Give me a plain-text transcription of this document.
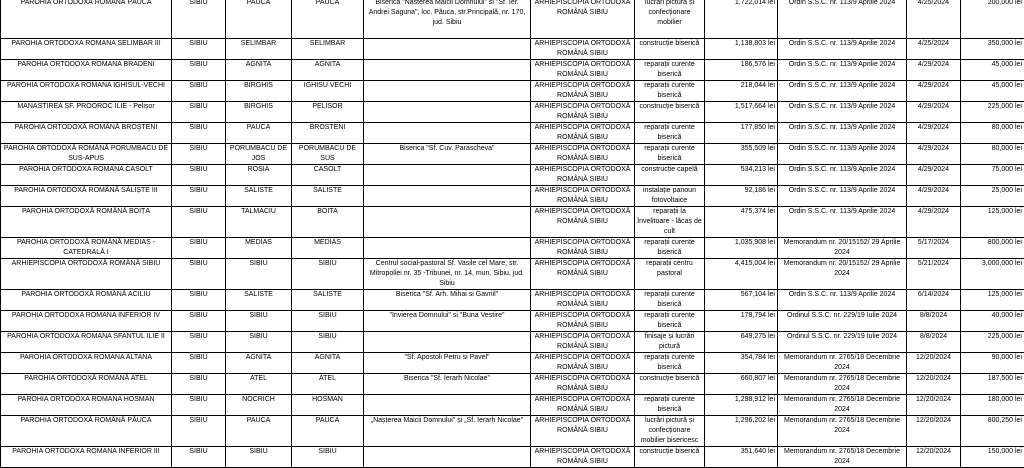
PAROHIA ORTODOXĂ ROMÂNĂ PĂUCA	SIBIU	PAUCA	PAUCA	Biserica "Nasterea Maicii Domnului" si "Sf. Ier. Andrei Saguna", loc. Păuca, str.Principală, nr. 170, jud. Sibiu	ARHIEPISCOPIA ORTODOXĂ ROMÂNĂ SIBIU	lucrări pictură și confecționare mobilier	1,722,014 lei	Ordin S.S.C. nr. 113/9 Aprilie 2024	4/25/2024	200,000 lei

PAROHIA ORTODOXA ROMANA SELIMBAR III	SIBIU	SELIMBAR	SELIMBAR		ARHIEPISCOPIA ORTODOXĂ ROMÂNĂ SIBIU	construcție biserică	1,138,803 lei	Ordin S.S.C. nr. 113/9 Aprilie 2024	4/25/2024	350,000 lei

PAROHIA ORTODOXA ROMANA BRADENI	SIBIU	AGNITA	AGNITA		ARHIEPISCOPIA ORTODOXĂ ROMÂNĂ SIBIU	reparații curente biserică	186,576 lei	Ordin S.S.C. nr. 113/9 Aprilie 2024	4/29/2024	45,000 lei

PAROHIA ORTODOXA ROMANA IGHISUL-VECHI	SIBIU	BIRGHIS	IGHISU VECHI		ARHIEPISCOPIA ORTODOXĂ ROMÂNĂ SIBIU	reparații curente biserică	218,044 lei	Ordin S.S.C. nr. 113/9 Aprilie 2024	4/29/2024	45,000 lei

MANASTIREA SF. PROOROC ILIE - Pelișor	SIBIU	BIRGHIS	PELISOR		ARHIEPISCOPIA ORTODOXĂ ROMÂNĂ SIBIU	construcție biserică	1,517,664 lei	Ordin S.S.C. nr. 113/9 Aprilie 2024	4/29/2024	225,000 lei

PAROHIA ORTODOXĂ ROMÂNĂ BROȘTENI	SIBIU	PAUCA	BROSTENI		ARHIEPISCOPIA ORTODOXĂ ROMÂNĂ SIBIU	reparații curente biserică	177,850 lei	Ordin S.S.C. nr. 113/9 Aprilie 2024	4/29/2024	80,000 lei

PAROHIA ORTODOXĂ ROMÂNĂ PORUMBACU DE SUS-APUS	SIBIU	PORUMBACU DE JOS	PORUMBACU DE SUS	Biserica "Sf. Cuv. Parascheva"	ARHIEPISCOPIA ORTODOXĂ ROMÂNĂ SIBIU	reparații curente biserică	355,509 lei	Ordin S.S.C. nr. 113/9 Aprilie 2024	4/29/2024	80,000 lei

PAROHIA ORTODOXA ROMANA CASOLT	SIBIU	ROSIA	CASOLT		ARHIEPISCOPIA ORTODOXĂ ROMÂNĂ SIBIU	construcție capelă	534,213 lei	Ordin S.S.C. nr. 113/9 Aprilie 2024	4/29/2024	75,000 lei

PAROHIA ORTODOXĂ ROMÂNĂ SĂLIȘTE III	SIBIU	SALISTE	SALISTE		ARHIEPISCOPIA ORTODOXĂ ROMÂNĂ SIBIU	instalație panouri fotovoltaice	92,186 lei	Ordin S.S.C. nr. 113/9 Aprilie 2024	4/29/2024	25,000 lei

PAROHIA ORTODOXĂ ROMÂNĂ BOIȚA	SIBIU	TALMACIU	BOITA		ARHIEPISCOPIA ORTODOXĂ ROMÂNĂ SIBIU	reparații la învelitoare - lăcaș de cult	475,374 lei	Ordin S.S.C. nr. 113/9 Aprilie 2024	4/29/2024	125,000 lei

PAROHIA ORTODOXĂ ROMÂNĂ MEDIAS - CATEDRALĂ I	SIBIU	MEDIAS	MEDIAS		ARHIEPISCOPIA ORTODOXĂ ROMÂNĂ SIBIU	reparații curente biserică	1,035,908 lei	Memorandum nr. 20/15152/ 29 Aprilie 2024	5/17/2024	800,000 lei

ARHIEPISCOPIA ORTODOXĂ ROMÂNĂ SIBIU	SIBIU	SIBIU	SIBIU	Centrul social-pastoral Sf. Vasile cel Mare, str. Mitropoliei nr. 35 -Tribunei, nr. 14, mun. Sibiu, jud. Sibiu	ARHIEPISCOPIA ORTODOXĂ ROMÂNĂ SIBIU	reparații centru pastoral	4,415,004 lei	Memorandum nr. 20/15152/ 29 Aprilie 2024	5/21/2024	3,000,000 lei

PAROHIA ORTODOXĂ ROMÂNĂ ACILIU	SIBIU	SALISTE	SALISTE	Biserica "Sf. Arh. Mihai si Gavriil"	ARHIEPISCOPIA ORTODOXĂ ROMÂNĂ SIBIU	reparații curente biserică	567,104 lei	Ordin S.S.C. nr. 113/9 Aprilie 2024	6/14/2024	125,000 lei

PAROHIA ORTODOXA ROMANA INFERIOR IV	SIBIU	SIBIU	SIBIU	"Invierea Domnului" si "Buna Vestire"	ARHIEPISCOPIA ORTODOXĂ ROMÂNĂ SIBIU	reparații curente biserică	178,794 lei	Ordinul S.S.C. nr. 229/19 Iulie 2024	8/8/2024	40,000 lei

PAROHIA ORTODOXA ROMANA SFANTUL ILIE II	SIBIU	SIBIU	SIBIU		ARHIEPISCOPIA ORTODOXĂ ROMÂNĂ SIBIU	finisaje și lucrări pictură	649,275 lei	Ordinul S.S.C. nr. 229/19 Iulie 2024	8/8/2024	225,000 lei

PAROHIA ORTODOXA ROMANA ALTANA	SIBIU	AGNITA	AGNITA	"Sf. Apostoli Petru si Pavel"	ARHIEPISCOPIA ORTODOXĂ ROMÂNĂ SIBIU	reparații curente biserică	354,784 lei	Memorandum nr. 2765/18 Decembrie 2024	12/20/2024	90,000 lei

PAROHIA ORTODOXĂ ROMÂNĂ ATEL	SIBIU	ATEL	ATEL	Biserica "Sf. Ierarh Nicolae"	ARHIEPISCOPIA ORTODOXĂ ROMÂNĂ SIBIU	construcție biserică	660,807 lei	Memorandum nr. 2765/18 Decembrie 2024	12/20/2024	187,500 lei

PAROHIA ORTODOXA ROMANA HOSMAN	SIBIU	NOCRICH	HOSMAN		ARHIEPISCOPIA ORTODOXĂ ROMÂNĂ SIBIU	reparații curente biserică	1,298,912 lei	Memorandum nr. 2765/18 Decembrie 2024	12/20/2024	180,000 lei

PAROHIA ORTODOXĂ ROMÂNĂ PĂUCA	SIBIU	PAUCA	PAUCA	„Nașterea Maicii Domnului" și „Sf. Ierarh Nicolae"	ARHIEPISCOPIA ORTODOXĂ ROMÂNĂ SIBIU	lucrări pictură și confecționare mobilier bisericesc	1,296,202 lei	Memorandum nr. 2765/18 Decembrie 2024	12/20/2024	800,250 lei

PAROHIA ORTODOXA ROMANA INFERIOR III	SIBIU	SIBIU	SIBIU		ARHIEPISCOPIA ORTODOXĂ ROMÂNĂ SIBIU	construcție biserică	351,640 lei	Memorandum nr. 2765/18 Decembrie 2024	12/20/2024	150,000 lei
